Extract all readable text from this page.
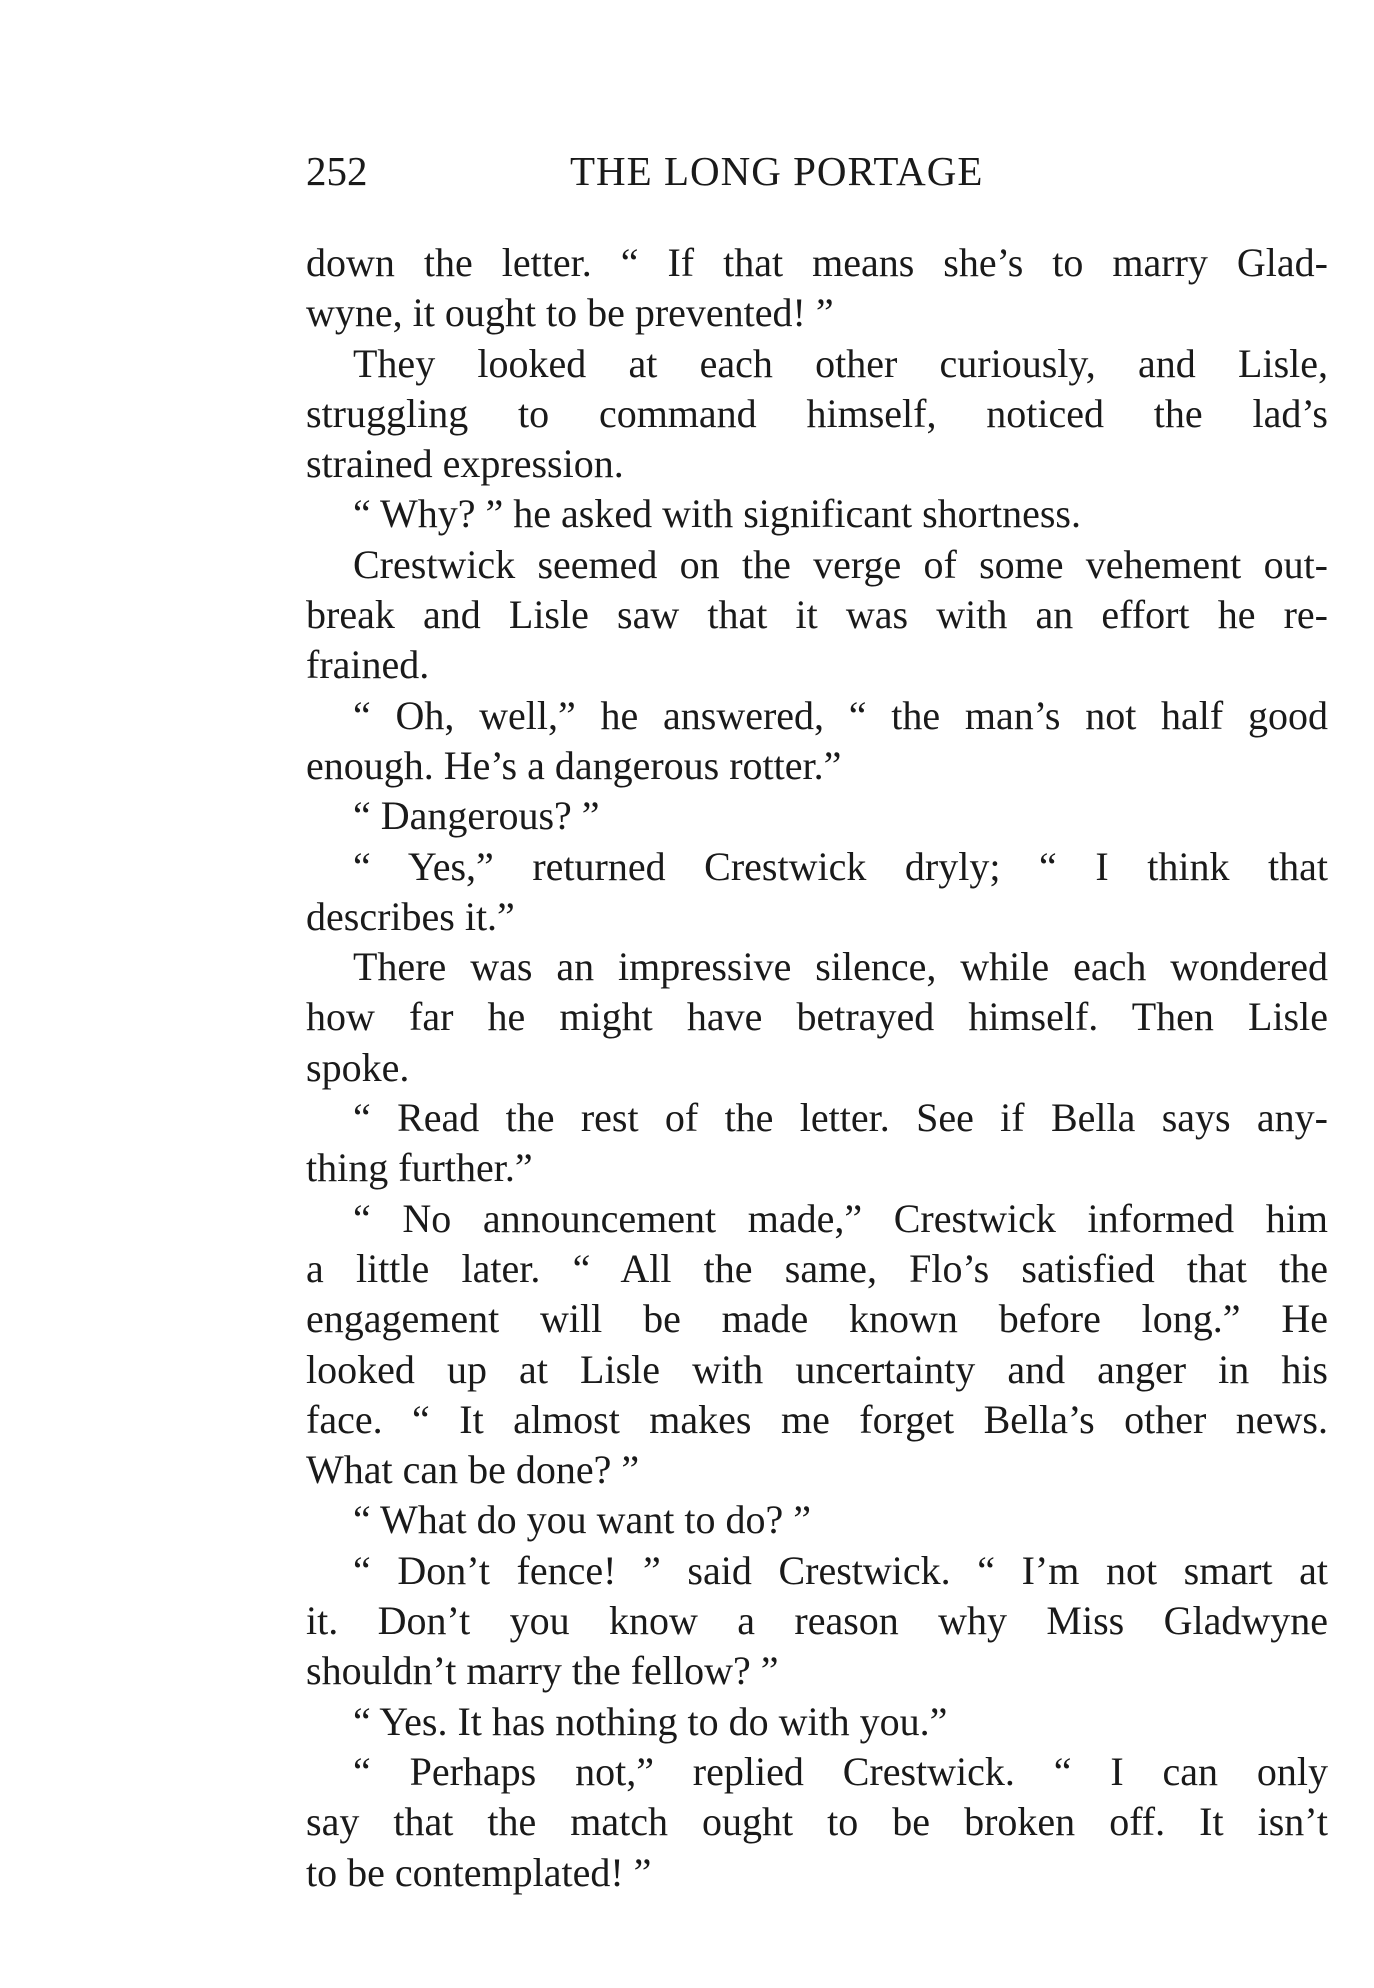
252	THE LONG PORTAGE
down the letter. “ If that means she’s to marry Glad-
wyne, it ought to be prevented! ”
They looked at each other curiously, and Lisle,
struggling to command himself, noticed the lad’s
strained expression.
“ Why? ” he asked with significant shortness.
Crestwick seemed on the verge of some vehement out-
break and Lisle saw that it was with an effort he re-
frained.
“ Oh, well,” he answered, “ the man’s not half good
enough. He’s a dangerous rotter.”
“ Dangerous? ”
“ Yes,” returned Crestwick dryly; “ I think that
describes it.”
There was an impressive silence, while each wondered
how far he might have betrayed himself. Then Lisle
spoke.
“ Read the rest of the letter. See if Bella says any-
thing further.”
“ No announcement made,” Crestwick informed him
a little later. “ All the same, Flo’s satisfied that the
engagement will be made known before long.” He
looked up at Lisle with uncertainty and anger in his
face. “ It almost makes me forget Bella’s other news.
What can be done? ”
“ What do you want to do? ”
“ Don’t fence! ” said Crestwick. “ I’m not smart at
it. Don’t you know a reason why Miss Gladwyne
shouldn’t marry the fellow? ”
“ Yes. It has nothing to do with you.”
“ Perhaps not,” replied Crestwick. “ I can only
say that the match ought to be broken off. It isn’t
to be contemplated! ”
